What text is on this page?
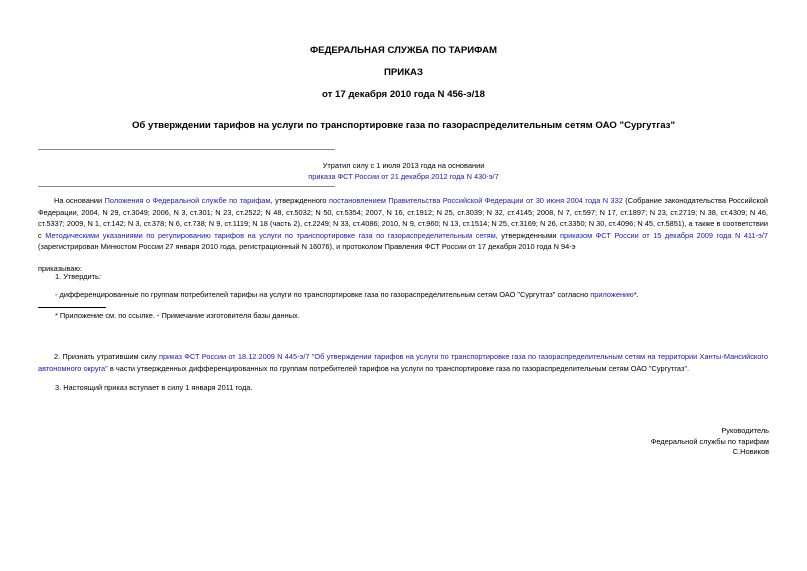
ФЕДЕРАЛЬНАЯ СЛУЖБА ПО ТАРИФАМ
ПРИКАЗ
от 17 декабря 2010 года N 456-э/18
Об утверждении тарифов на услуги по транспортировке газа по газораспределительным сетям ОАО "Сургутгаз"
Утратил силу с 1 июля 2013 года на основании
приказа ФСТ России от 21 декабря 2012 года N 430-э/7
На основании Положения о Федеральной службе по тарифам, утвержденного постановлением Правительства Российской Федерации от 30 июня 2004 года N 332 (Собрание законодательства Российской Федерации, 2004, N 29, ст.3049; 2006, N 3, ст.301; N 23, ст.2522; N 48, ст.5032; N 50, ст.5354; 2007, N 16, ст.1912; N 25, ст.3039; N 32, ст.4145; 2008, N 7, ст.597; N 17, ст.1897; N 23, ст.2719; N 38, ст.4309; N 46, ст.5337; 2009, N 1, ст.142; N 3, ст.378; N 6, ст.738; N 9, ст.1119; N 18 (часть 2), ст.2249; N 33, ст.4086; 2010, N 9, ст.960; N 13, ст.1514; N 25, ст.3169; N 26, ст.3350; N 30, ст.4096; N 45, ст.5851), а также в соответствии с Методическими указаниями по регулированию тарифов на услуги по транспортировке газа по газораспределительным сетям, утвержденными приказом ФСТ России от 15 декабря 2009 года N 411-э/7 (зарегистрирован Минюстом России 27 января 2010 года, регистрационный N 16076), и протоколом Правления ФСТ России от 17 декабря 2010 года N 94-э
приказываю:
1. Утвердить:
- дифференцированные по группам потребителей тарифы на услуги по транспортировке газа по газораспределительным сетям ОАО "Сургутгаз" согласно приложению*.
* Приложение см. по ссылке. - Примечание изготовителя базы данных.
2. Признать утратившим силу приказ ФСТ России от 18.12.2009 N 445-э/7 "Об утверждении тарифов на услуги по транспортировке газа по газораспределительным сетям на территории Ханты-Мансийского автономного округа" в части утвержденных дифференцированных по группам потребителей тарифов на услуги по транспортировке газа по газораспределительным сетям ОАО "Сургутгаз".
3. Настоящий приказ вступает в силу 1 января 2011 года.
Руководитель
Федеральной службы по тарифам
С.Новиков
